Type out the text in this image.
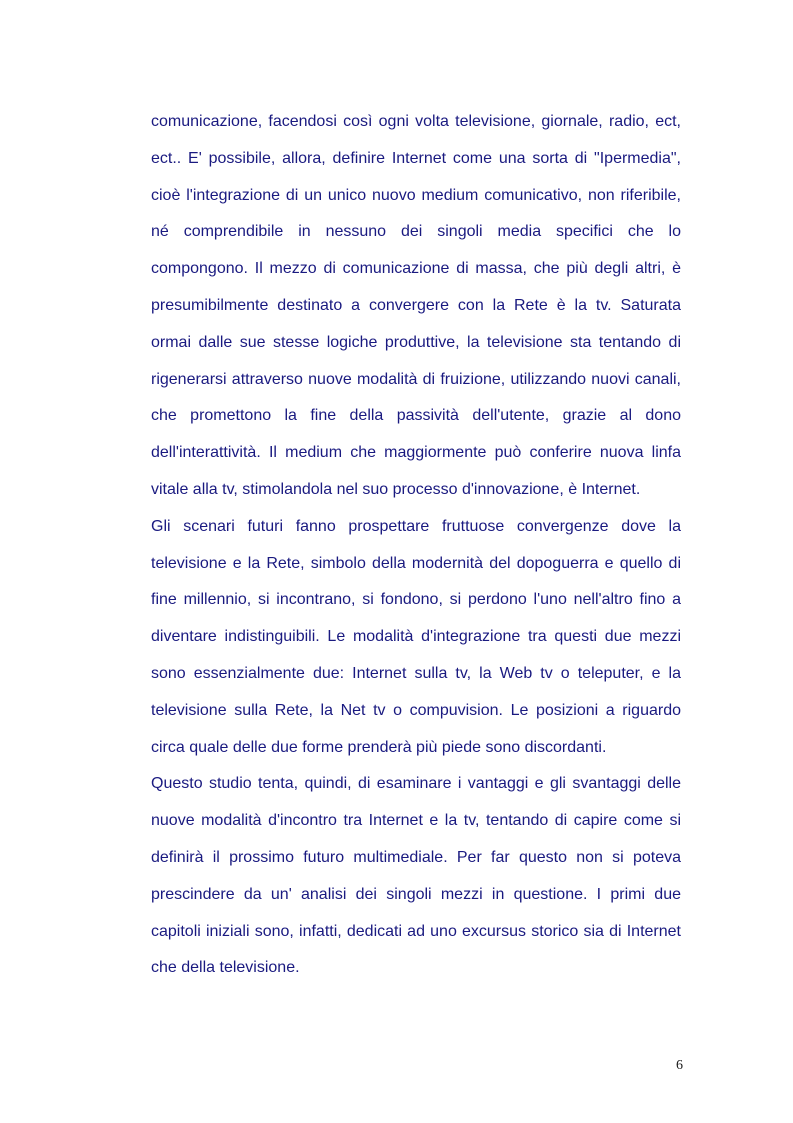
comunicazione, facendosi così ogni volta televisione, giornale, radio, ect,
ect.. E' possibile, allora, definire Internet come una sorta di "Ipermedia",
cioè l'integrazione di un unico nuovo medium comunicativo, non riferibile,
né comprendibile in nessuno dei singoli media specifici che lo
compongono. Il mezzo di comunicazione di massa, che più degli altri, è
presumibilmente destinato a convergere con la Rete è la tv. Saturata
ormai dalle sue stesse logiche produttive, la televisione sta tentando di
rigenerarsi attraverso nuove modalità di fruizione, utilizzando nuovi canali,
che promettono la fine della passività dell'utente, grazie al dono
dell'interattività. Il medium che maggiormente può conferire nuova linfa
vitale alla tv, stimolandola nel suo processo d'innovazione, è Internet.
Gli scenari futuri fanno prospettare fruttuose convergenze dove la
televisione e la Rete, simbolo della modernità del dopoguerra e quello di
fine millennio, si incontrano, si fondono, si perdono l'uno nell'altro fino a
diventare indistinguibili. Le modalità d'integrazione tra questi due mezzi
sono essenzialmente due: Internet sulla tv, la Web tv o teleputer, e la
televisione sulla Rete, la Net tv o compuvision. Le posizioni a riguardo
circa quale delle due forme prenderà più piede sono discordanti.
Questo studio tenta, quindi, di esaminare i vantaggi e gli svantaggi delle
nuove modalità d'incontro tra Internet e la tv, tentando di capire come si
definirà il prossimo futuro multimediale. Per far questo non si poteva
prescindere da un' analisi dei singoli mezzi in questione. I primi due
capitoli iniziali sono, infatti, dedicati ad uno excursus storico sia di Internet
che della televisione.
6
